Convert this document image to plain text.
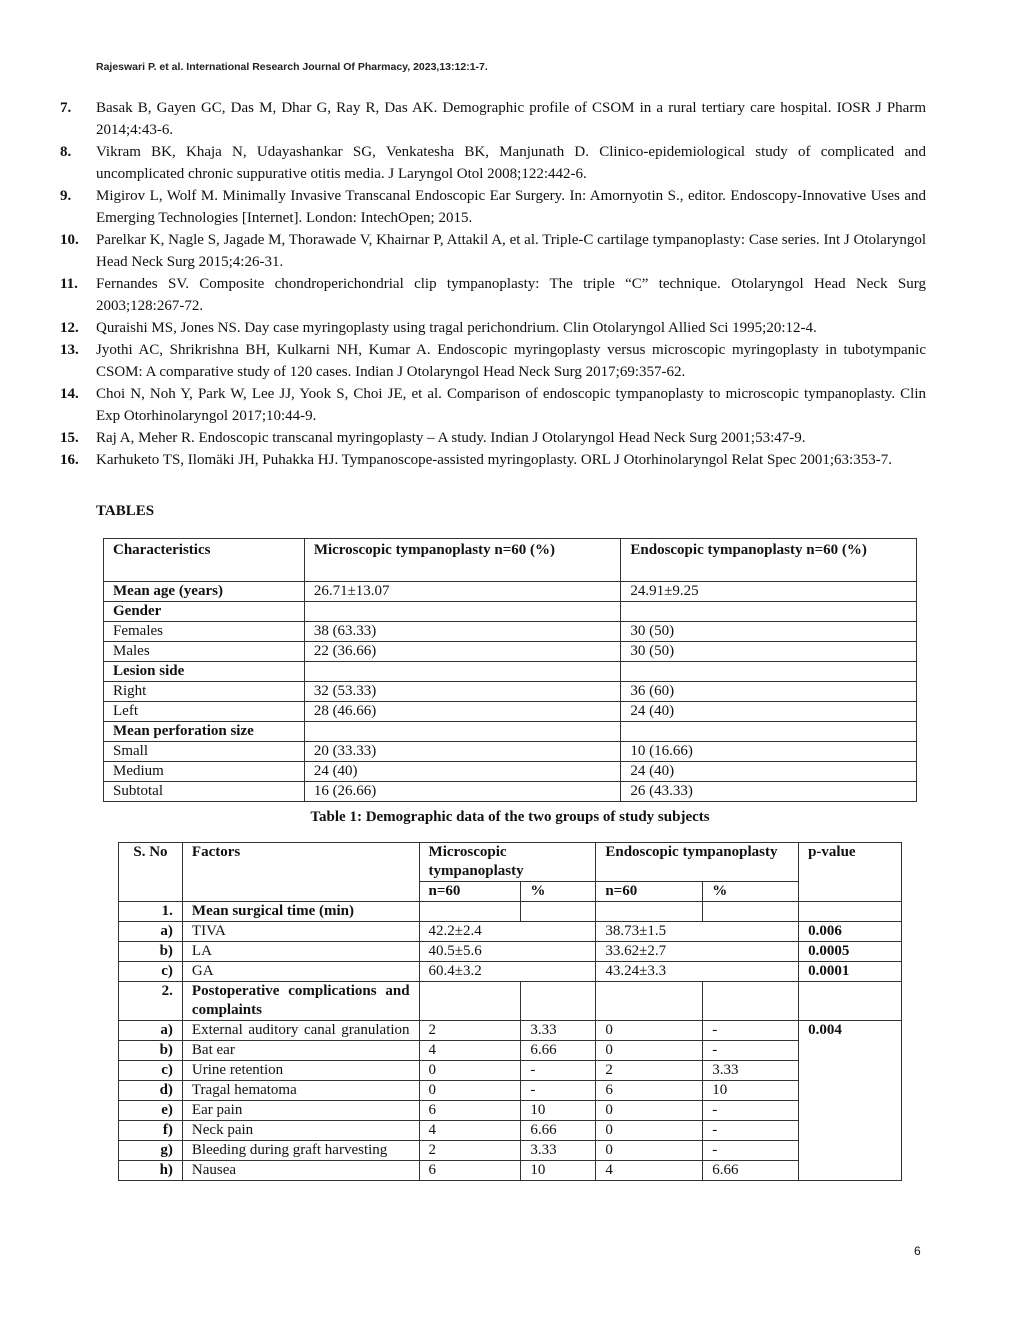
Rajeswari P. et al. International Research Journal Of Pharmacy, 2023,13:12:1-7.
7.	Basak B, Gayen GC, Das M, Dhar G, Ray R, Das AK. Demographic profile of CSOM in a rural tertiary care hospital. IOSR J Pharm 2014;4:43-6.
8.	Vikram BK, Khaja N, Udayashankar SG, Venkatesha BK, Manjunath D. Clinico-epidemiological study of complicated and uncomplicated chronic suppurative otitis media. J Laryngol Otol 2008;122:442-6.
9.	Migirov L, Wolf M. Minimally Invasive Transcanal Endoscopic Ear Surgery. In: Amornyotin S., editor. Endoscopy-Innovative Uses and Emerging Technologies [Internet]. London: IntechOpen; 2015.
10.	Parelkar K, Nagle S, Jagade M, Thorawade V, Khairnar P, Attakil A, et al. Triple-C cartilage tympanoplasty: Case series. Int J Otolaryngol Head Neck Surg 2015;4:26-31.
11.	Fernandes SV. Composite chondroperichondrial clip tympanoplasty: The triple “C” technique. Otolaryngol Head Neck Surg 2003;128:267-72.
12.	Quraishi MS, Jones NS. Day case myringoplasty using tragal perichondrium. Clin Otolaryngol Allied Sci 1995;20:12-4.
13.	Jyothi AC, Shrikrishna BH, Kulkarni NH, Kumar A. Endoscopic myringoplasty versus microscopic myringoplasty in tubotympanic CSOM: A comparative study of 120 cases. Indian J Otolaryngol Head Neck Surg 2017;69:357-62.
14.	Choi N, Noh Y, Park W, Lee JJ, Yook S, Choi JE, et al. Comparison of endoscopic tympanoplasty to microscopic tympanoplasty. Clin Exp Otorhinolaryngol 2017;10:44-9.
15.	Raj A, Meher R. Endoscopic transcanal myringoplasty – A study. Indian J Otolaryngol Head Neck Surg 2001;53:47-9.
16.	Karhuketo TS, Ilomäki JH, Puhakka HJ. Tympanoscope-assisted myringoplasty. ORL J Otorhinolaryngol Relat Spec 2001;63:353-7.
TABLES
Characteristics	Microscopic tympanoplasty n=60 (%)	Endoscopic tympanoplasty n=60 (%)
Mean age (years)	26.71±13.07	24.91±9.25
Gender		
Females	38 (63.33)	30 (50)
Males	22 (36.66)	30 (50)
Lesion side		
Right	32 (53.33)	36 (60)
Left	28 (46.66)	24 (40)
Mean perforation size		
Small	20 (33.33)	10 (16.66)
Medium	24 (40)	24 (40)
Subtotal	16 (26.66)	26 (43.33)
Table 1: Demographic data of the two groups of study subjects
S. No	Factors	Microscopic tympanoplasty		Endoscopic tympanoplasty		p-value
		n=60	%	n=60	%	
1.	Mean surgical time (min)					
a)	TIVA	42.2±2.4		38.73±1.5		0.006
b)	LA	40.5±5.6		33.62±2.7		0.0005
c)	GA	60.4±3.2		43.24±3.3		0.0001
2.	Postoperative complications and complaints					
a)	External auditory canal granulation	2	3.33	0	-	0.004
b)	Bat ear	4	6.66	0	-	
c)	Urine retention	0	-	2	3.33	
d)	Tragal hematoma	0	-	6	10	
e)	Ear pain	6	10	0	-	
f)	Neck pain	4	6.66	0	-	
g)	Bleeding during graft harvesting	2	3.33	0	-	
h)	Nausea	6	10	4	6.66	
6
